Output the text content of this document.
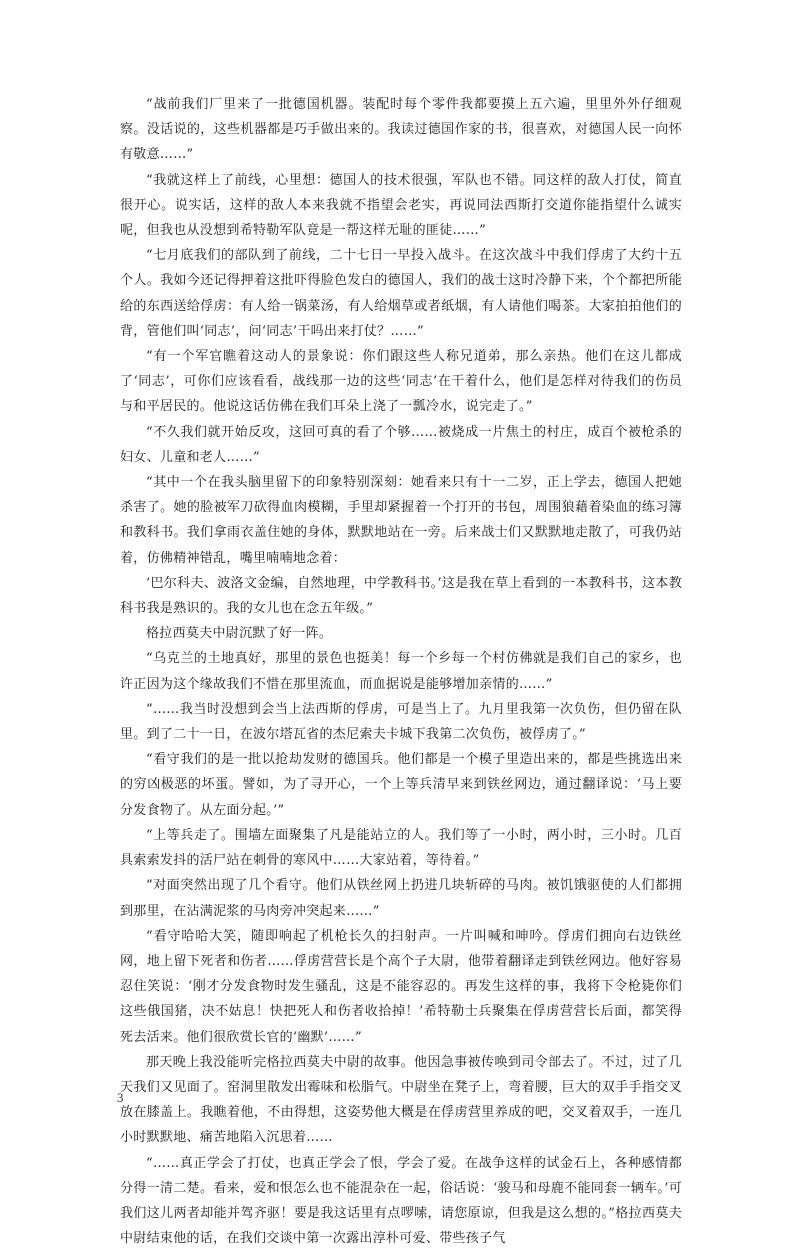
“战前我们厂里来了一批德国机器。装配时每个零件我都要摸上五六遍，里里外外仔细观察。没话说的，这些机器都是巧手做出来的。我读过德国作家的书，很喜欢，对德国人民一向怀有敬意……”

“我就这样上了前线，心里想：德国人的技术很强，军队也不错。同这样的敌人打仗，简直很开心。说实话，这样的敌人本来我就不指望会老实，再说同法西斯打交道你能指望什么诚实呢，但我也从没想到希特勒军队竟是一帮这样无耻的匪徒……”

“七月底我们的部队到了前线，二十七日一早投入战斗。在这次战斗中我们俘虏了大约十五个人。我如今还记得押着这批吓得脸色发白的德国人，我们的战士这时冷静下来，个个都把所能给的东西送给俘虏：有人给一锅菜汤，有人给烟草或者纸烟，有人请他们喝茶。大家拍拍他们的背，管他们叫‘同志’，问‘同志’干吗出来打仗？……”

“有一个军官瞧着这动人的景象说：你们跟这些人称兄道弟，那么亲热。他们在这儿都成了‘同志’，可你们应该看看，战线那一边的这些‘同志’在干着什么，他们是怎样对待我们的伤员与和平居民的。他说这话仿佛在我们耳朵上浇了一瓢冷水，说完走了。”

“不久我们就开始反攻，这回可真的看了个够……被烧成一片焦土的村庄，成百个被枪杀的妇女、儿童和老人……”

“其中一个在我头脑里留下的印象特别深刻：她看来只有十一二岁，正上学去，德国人把她杀害了。她的脸被军刀砍得血肉模糊，手里却紧握着一个打开的书包，周围狼藉着染血的练习簿和教科书。我们拿雨衣盖住她的身体，默默地站在一旁。后来战士们又默默地走散了，可我仍站着，仿佛精神错乱，嘴里喃喃地念着：

‘巴尔科夫、波洛文金编，自然地理，中学教科书。’这是我在草上看到的一本教科书，这本教科书我是熟识的。我的女儿也在念五年级。”

格拉西莫夫中尉沉默了好一阵。

“乌克兰的土地真好，那里的景色也挺美！每一个乡每一个村仿佛就是我们自己的家乡，也许正因为这个缘故我们不惜在那里流血，而血据说是能够增加亲情的……”

“……我当时没想到会当上法西斯的俘虏，可是当上了。九月里我第一次负伤，但仍留在队里。到了二十一日，在波尔塔瓦省的杰尼索夫卡城下我第二次负伤，被俘虏了。”

“看守我们的是一批以抢劫发财的德国兵。他们都是一个模子里造出来的，都是些挑选出来的穷凶极恶的坏蛋。譬如，为了寻开心，一个上等兵清早来到铁丝网边，通过翻译说：‘马上要分发食物了。从左面分起。’”

“上等兵走了。围墙左面聚集了凡是能站立的人。我们等了一小时，两小时，三小时。几百具索索发抖的活尸站在刺骨的寒风中……大家站着，等待着。”

“对面突然出现了几个看守。他们从铁丝网上扔进几块斩碎的马肉。被饥饿驱使的人们都拥到那里，在沾满泥浆的马肉旁冲突起来……”

“看守哈哈大笑，随即响起了机枪长久的扫射声。一片叫喊和呻吟。俘虏们拥向右边铁丝网，地上留下死者和伤者……俘虏营营长是个高个子大尉，他带着翻译走到铁丝网边。他好容易忍住笑说：‘刚才分发食物时发生骚乱，这是不能容忍的。再发生这样的事，我将下令枪毙你们这些俄国猪，决不姑息！快把死人和伤者收拾掉！’希特勒士兵聚集在俘虏营营长后面，都笑得死去活来。他们很欣赏长官的‘幽默’……”

那天晚上我没能听完格拉西莫夫中尉的故事。他因急事被传唤到司令部去了。不过，过了几天我们又见面了。窑洞里散发出霉味和松脂气。中尉坐在凳子上，弯着腰，巨大的双手手指交叉放在膝盖上。我瞧着他，不由得想，这姿势他大概是在俘虏营里养成的吧，交叉着双手，一连几小时默默地、痛苦地陷入沉思着……

“……真正学会了打仗，也真正学会了恨，学会了爱。在战争这样的试金石上，各种感情都分得一清二楚。看来，爱和恨怎么也不能混杂在一起，俗话说：‘骏马和母鹿不能同套一辆车。’可我们这儿两者却能并驾齐驱！要是我这话里有点啰嗦，请您原谅，但我是这么想的。”格拉西莫夫中尉结束他的话，在我们交谈中第一次露出淳朴可爱、带些孩子气

3
